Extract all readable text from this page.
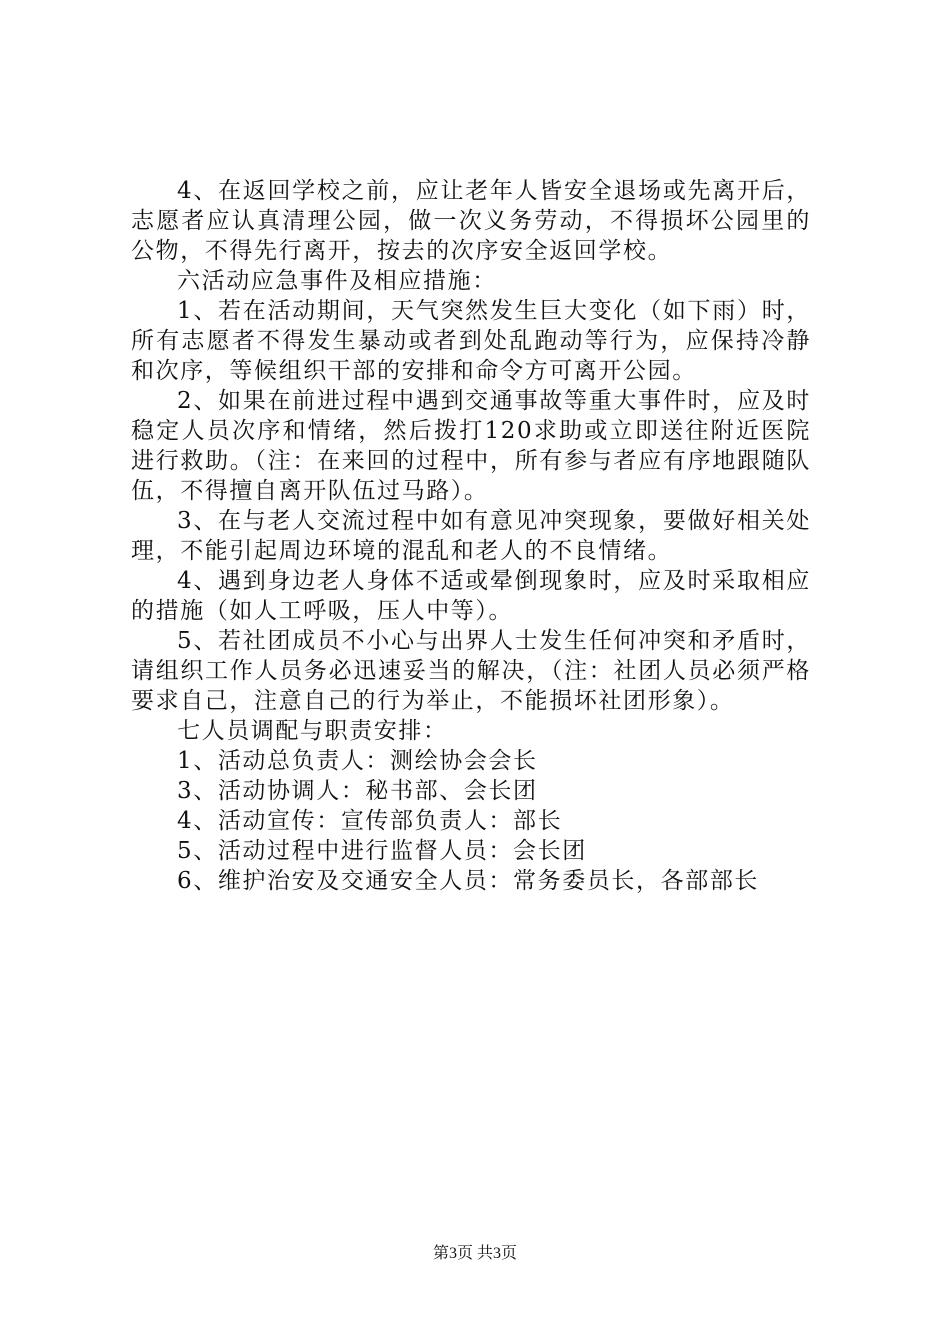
4、在返回学校之前，应让老年人皆安全退场或先离开后，志愿者应认真清理公园，做一次义务劳动，不得损坏公园里的公物，不得先行离开，按去的次序安全返回学校。

六活动应急事件及相应措施：

1、若在活动期间，天气突然发生巨大变化（如下雨）时，所有志愿者不得发生暴动或者到处乱跑动等行为，应保持冷静和次序，等候组织干部的安排和命令方可离开公园。

2、如果在前进过程中遇到交通事故等重大事件时，应及时稳定人员次序和情绪，然后拨打120求助或立即送往附近医院进行救助。（注：在来回的过程中，所有参与者应有序地跟随队伍，不得擅自离开队伍过马路）。

3、在与老人交流过程中如有意见冲突现象，要做好相关处理，不能引起周边环境的混乱和老人的不良情绪。

4、遇到身边老人身体不适或晕倒现象时，应及时采取相应的措施（如人工呼吸，压人中等）。

5、若社团成员不小心与出界人士发生任何冲突和矛盾时，请组织工作人员务必迅速妥当的解决，（注：社团人员必须严格要求自己，注意自己的行为举止，不能损坏社团形象）。

七人员调配与职责安排：

1、活动总负责人：测绘协会会长

3、活动协调人：秘书部、会长团

4、活动宣传：宣传部负责人：部长

5、活动过程中进行监督人员：会长团

6、维护治安及交通安全人员：常务委员长，各部部长

第3页 共3页
